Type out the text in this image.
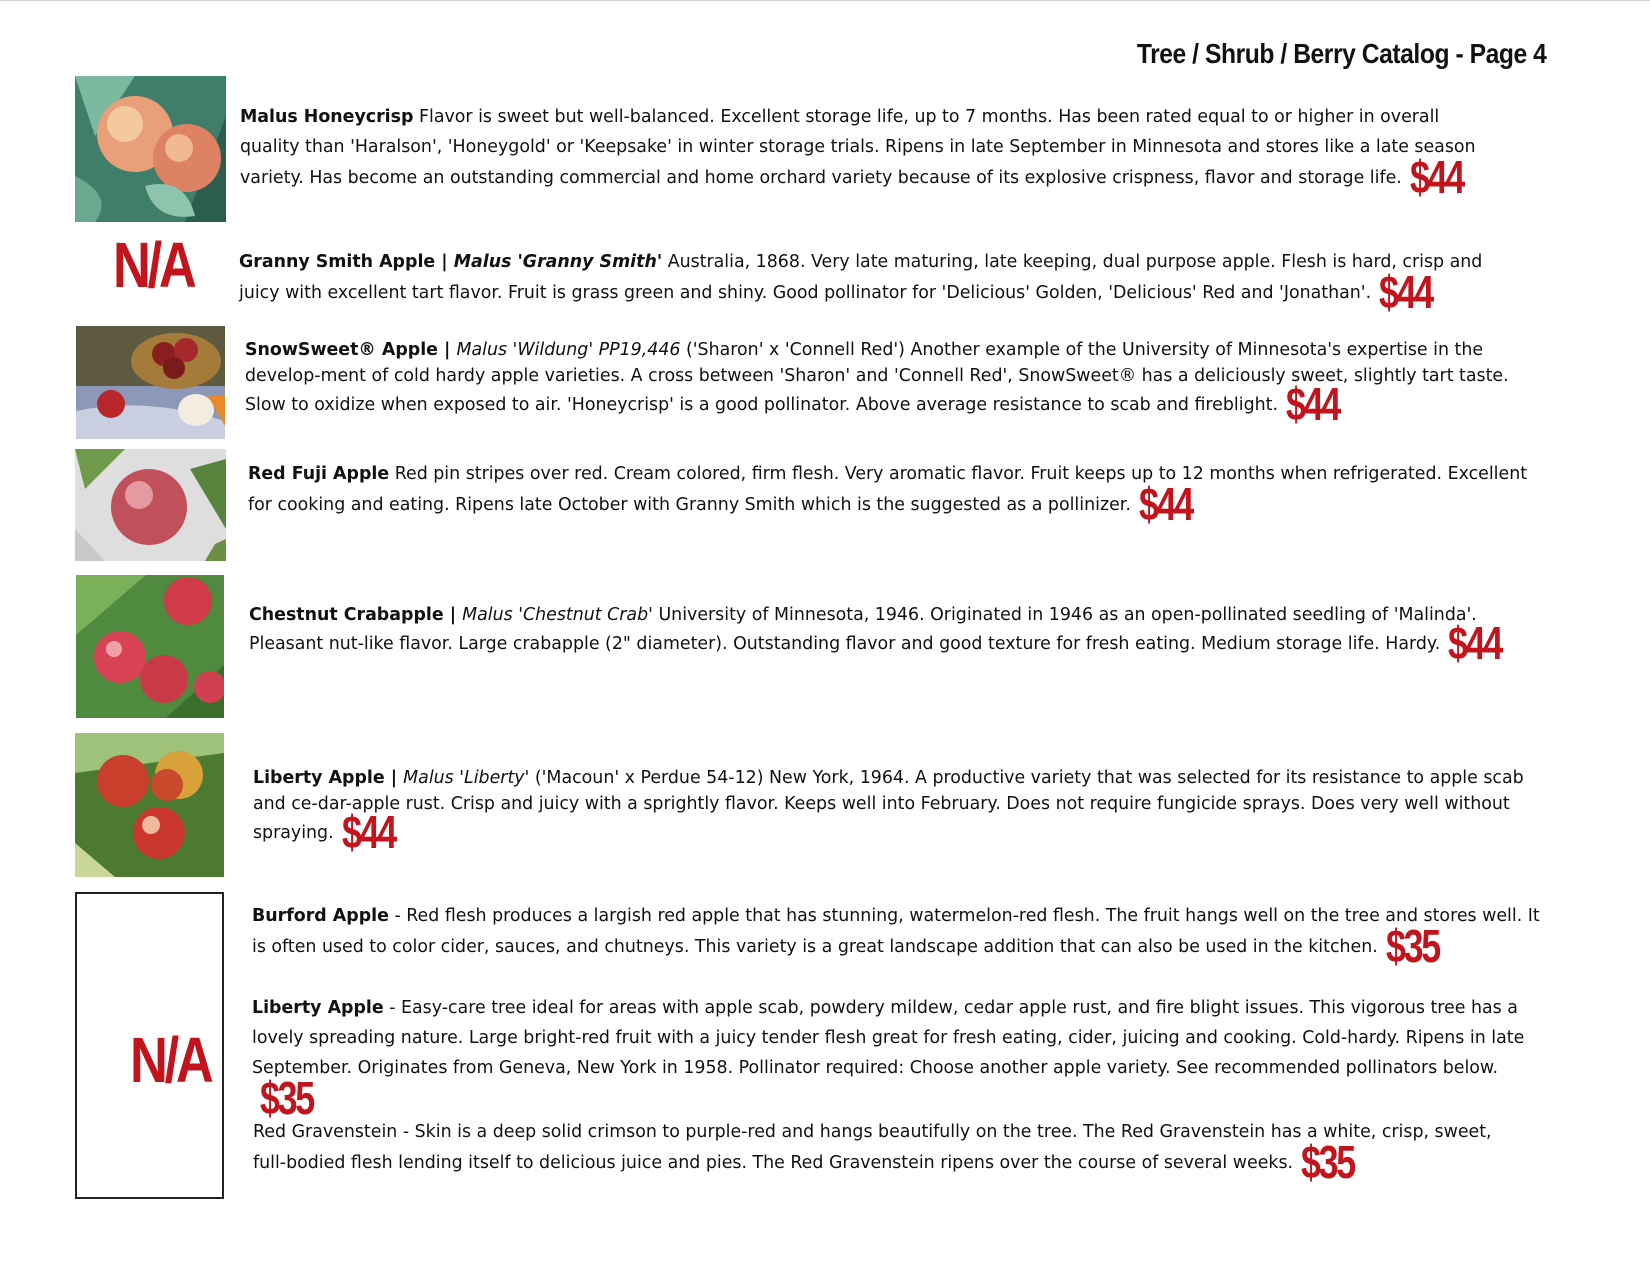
Tree / Shrub / Berry Catalog - Page 4
N/A
N/A
Malus Honeycrisp Flavor is sweet but well-balanced. Excellent storage life, up to 7 months. Has been rated equal to or higher in overall quality than 'Haralson', 'Honeygold' or 'Keepsake' in winter storage trials. Ripens in late September in Minnesota and stores like a late season variety. Has become an outstanding commercial and home orchard variety because of its explosive crispness, flavor and storage life. $44
Granny Smith Apple | Malus 'Granny Smith' Australia, 1868. Very late maturing, late keeping, dual purpose apple. Flesh is hard, crisp and juicy with excellent tart flavor. Fruit is grass green and shiny. Good pollinator for 'Delicious' Golden, 'Delicious' Red and 'Jonathan'. $44
SnowSweet® Apple | Malus 'Wildung' PP19,446 ('Sharon' x 'Connell Red') Another example of the University of Minnesota's expertise in the develop-ment of cold hardy apple varieties. A cross between 'Sharon' and 'Connell Red', SnowSweet® has a deliciously sweet, slightly tart taste. Slow to oxidize when exposed to air. 'Honeycrisp' is a good pollinator. Above average resistance to scab and fireblight. $44
Red Fuji Apple Red pin stripes over red. Cream colored, firm flesh. Very aromatic flavor. Fruit keeps up to 12 months when refrigerated. Excellent for cooking and eating. Ripens late October with Granny Smith which is the suggested as a pollinizer. $44
Chestnut Crabapple | Malus 'Chestnut Crab' University of Minnesota, 1946. Originated in 1946 as an open-pollinated seedling of 'Malinda'. Pleasant nut-like flavor. Large crabapple (2" diameter). Outstanding flavor and good texture for fresh eating. Medium storage life. Hardy. $44
Liberty Apple | Malus 'Liberty' ('Macoun' x Perdue 54-12) New York, 1964. A productive variety that was selected for its resistance to apple scab and ce-dar-apple rust. Crisp and juicy with a sprightly flavor. Keeps well into February. Does not require fungicide sprays. Does very well without spraying. $44
Burford Apple - Red flesh produces a largish red apple that has stunning, watermelon-red flesh. The fruit hangs well on the tree and stores well. It is often used to color cider, sauces, and chutneys. This variety is a great landscape addition that can also be used in the kitchen. $35
Liberty Apple - Easy-care tree ideal for areas with apple scab, powdery mildew, cedar apple rust, and fire blight issues. This vigorous tree has a lovely spreading nature. Large bright-red fruit with a juicy tender flesh great for fresh eating, cider, juicing and cooking. Cold-hardy. Ripens in late September. Originates from Geneva, New York in 1958. Pollinator required: Choose another apple variety. See recommended pollinators below.$35
Red Gravenstein - Skin is a deep solid crimson to purple-red and hangs beautifully on the tree. The Red Gravenstein has a white, crisp, sweet, full-bodied flesh lending itself to delicious juice and pies. The Red Gravenstein ripens over the course of several weeks. $35
